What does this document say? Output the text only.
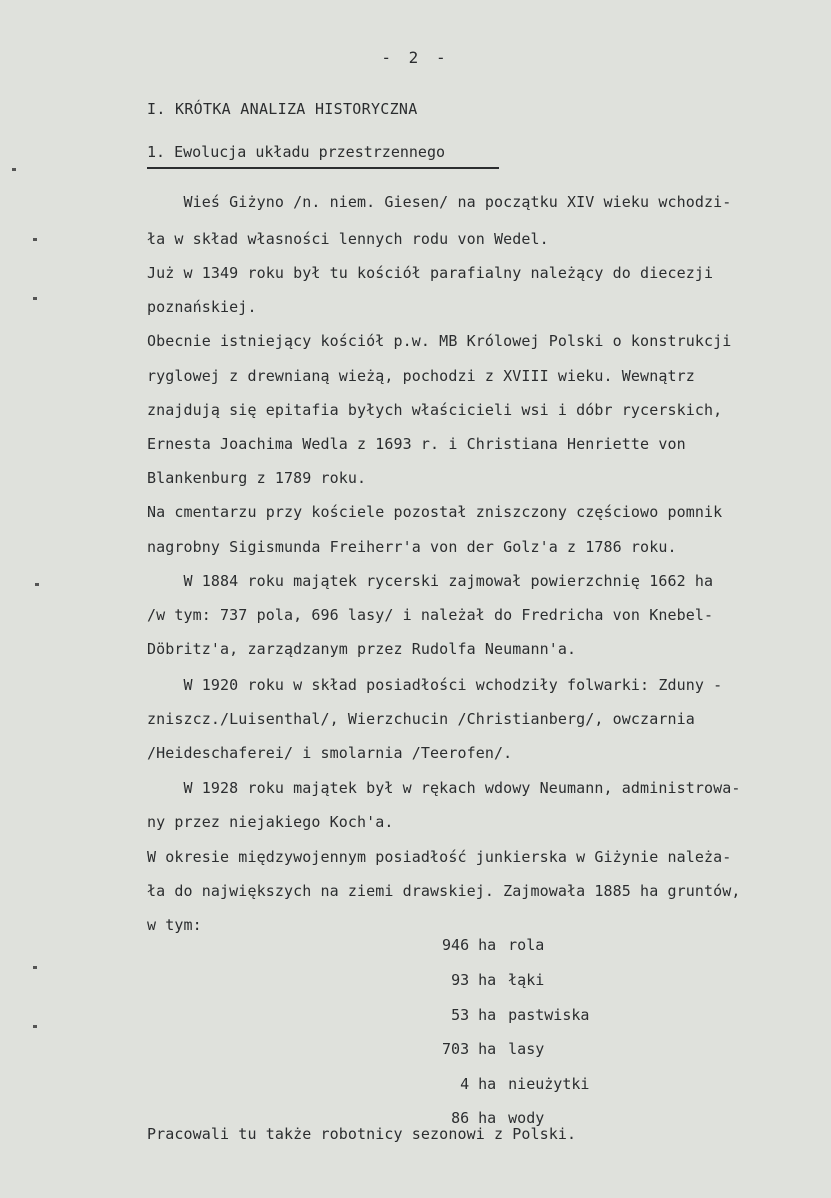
- 2 -
I. KRÓTKA ANALIZA HISTORYCZNA
1. Ewolucja układu przestrzennego
Wieś Giżyno /n. niem. Giesen/ na początku XIV wieku wchodzi-
ła w skład własności lennych rodu von Wedel.
Już w 1349 roku był tu kościół parafialny należący do diecezji
poznańskiej.
Obecnie istniejący kościół p.w. MB Królowej Polski o konstrukcji
ryglowej z drewnianą wieżą, pochodzi z XVIII wieku. Wewnątrz
znajdują się epitafia byłych właścicieli wsi i dóbr rycerskich,
Ernesta Joachima Wedla z 1693 r. i Christiana Henriette von
Blankenburg z 1789 roku.
Na cmentarzu przy kościele pozostał zniszczony częściowo pomnik
nagrobny Sigismunda Freiherr'a von der Golz'a z 1786 roku.
W 1884 roku majątek rycerski zajmował powierzchnię 1662 ha
/w tym: 737 pola, 696 lasy/ i należał do Fredricha von Knebel-
Döbritz'a, zarządzanym przez Rudolfa Neumann'a.
W 1920 roku w skład posiadłości wchodziły folwarki: Zduny -
zniszcz./Luisenthal/, Wierzchucin /Christianberg/, owczarnia
/Heideschaferei/ i smolarnia /Teerofen/.
W 1928 roku majątek był w rękach wdowy Neumann, administrowa-
ny przez niejakiego Koch'a.
W okresie międzywojennym posiadłość junkierska w Giżynie należa-
ła do największych na ziemi drawskiej. Zajmowała 1885 ha gruntów,
w tym:

946 ha rola

93 ha łąki

53 ha pastwiska

703 ha lasy

4 ha nieużytki

86 ha wody

Pracowali tu także robotnicy sezonowi z Polski.
